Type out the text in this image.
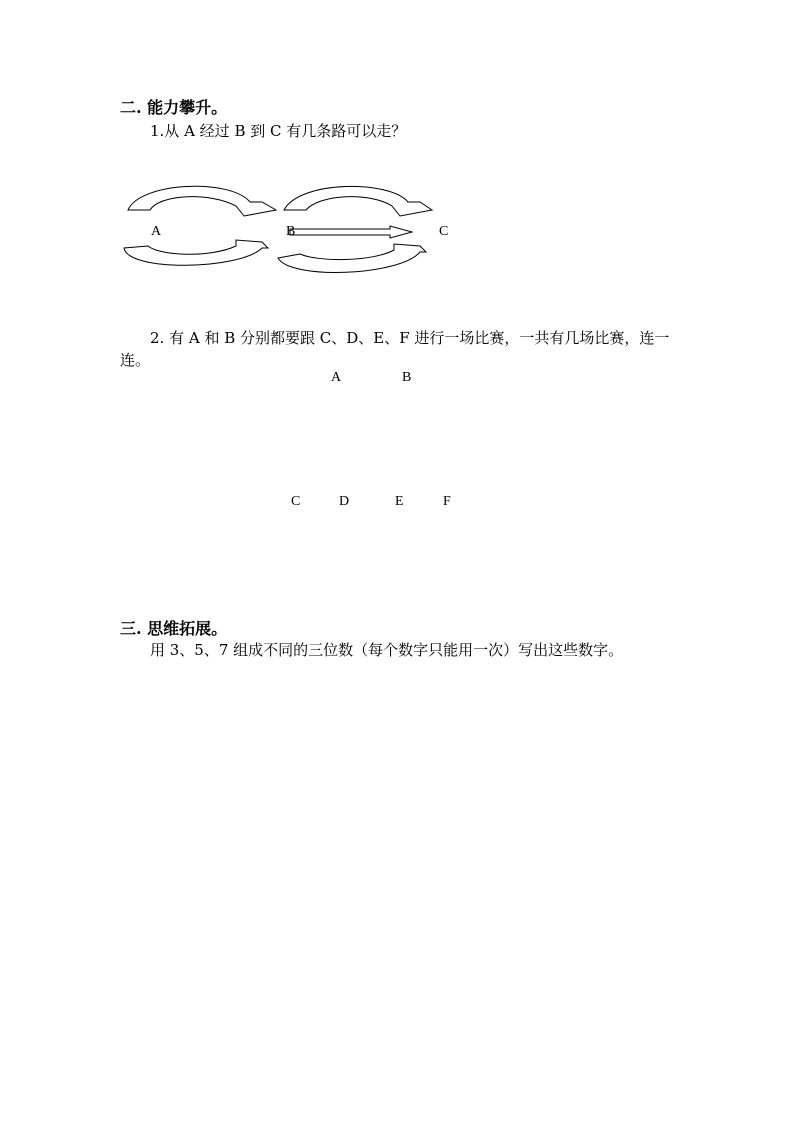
二. 能力攀升。
1.从 A 经过 B 到 C 有几条路可以走？
A	B	C
2. 有 A 和 B 分别都要跟 C、D、E、F 进行一场比赛，一共有几场比赛，连一
连。
A	B
C	D	E	F
三. 思维拓展。
用 3、5、7 组成不同的三位数（每个数字只能用一次）写出这些数字。
